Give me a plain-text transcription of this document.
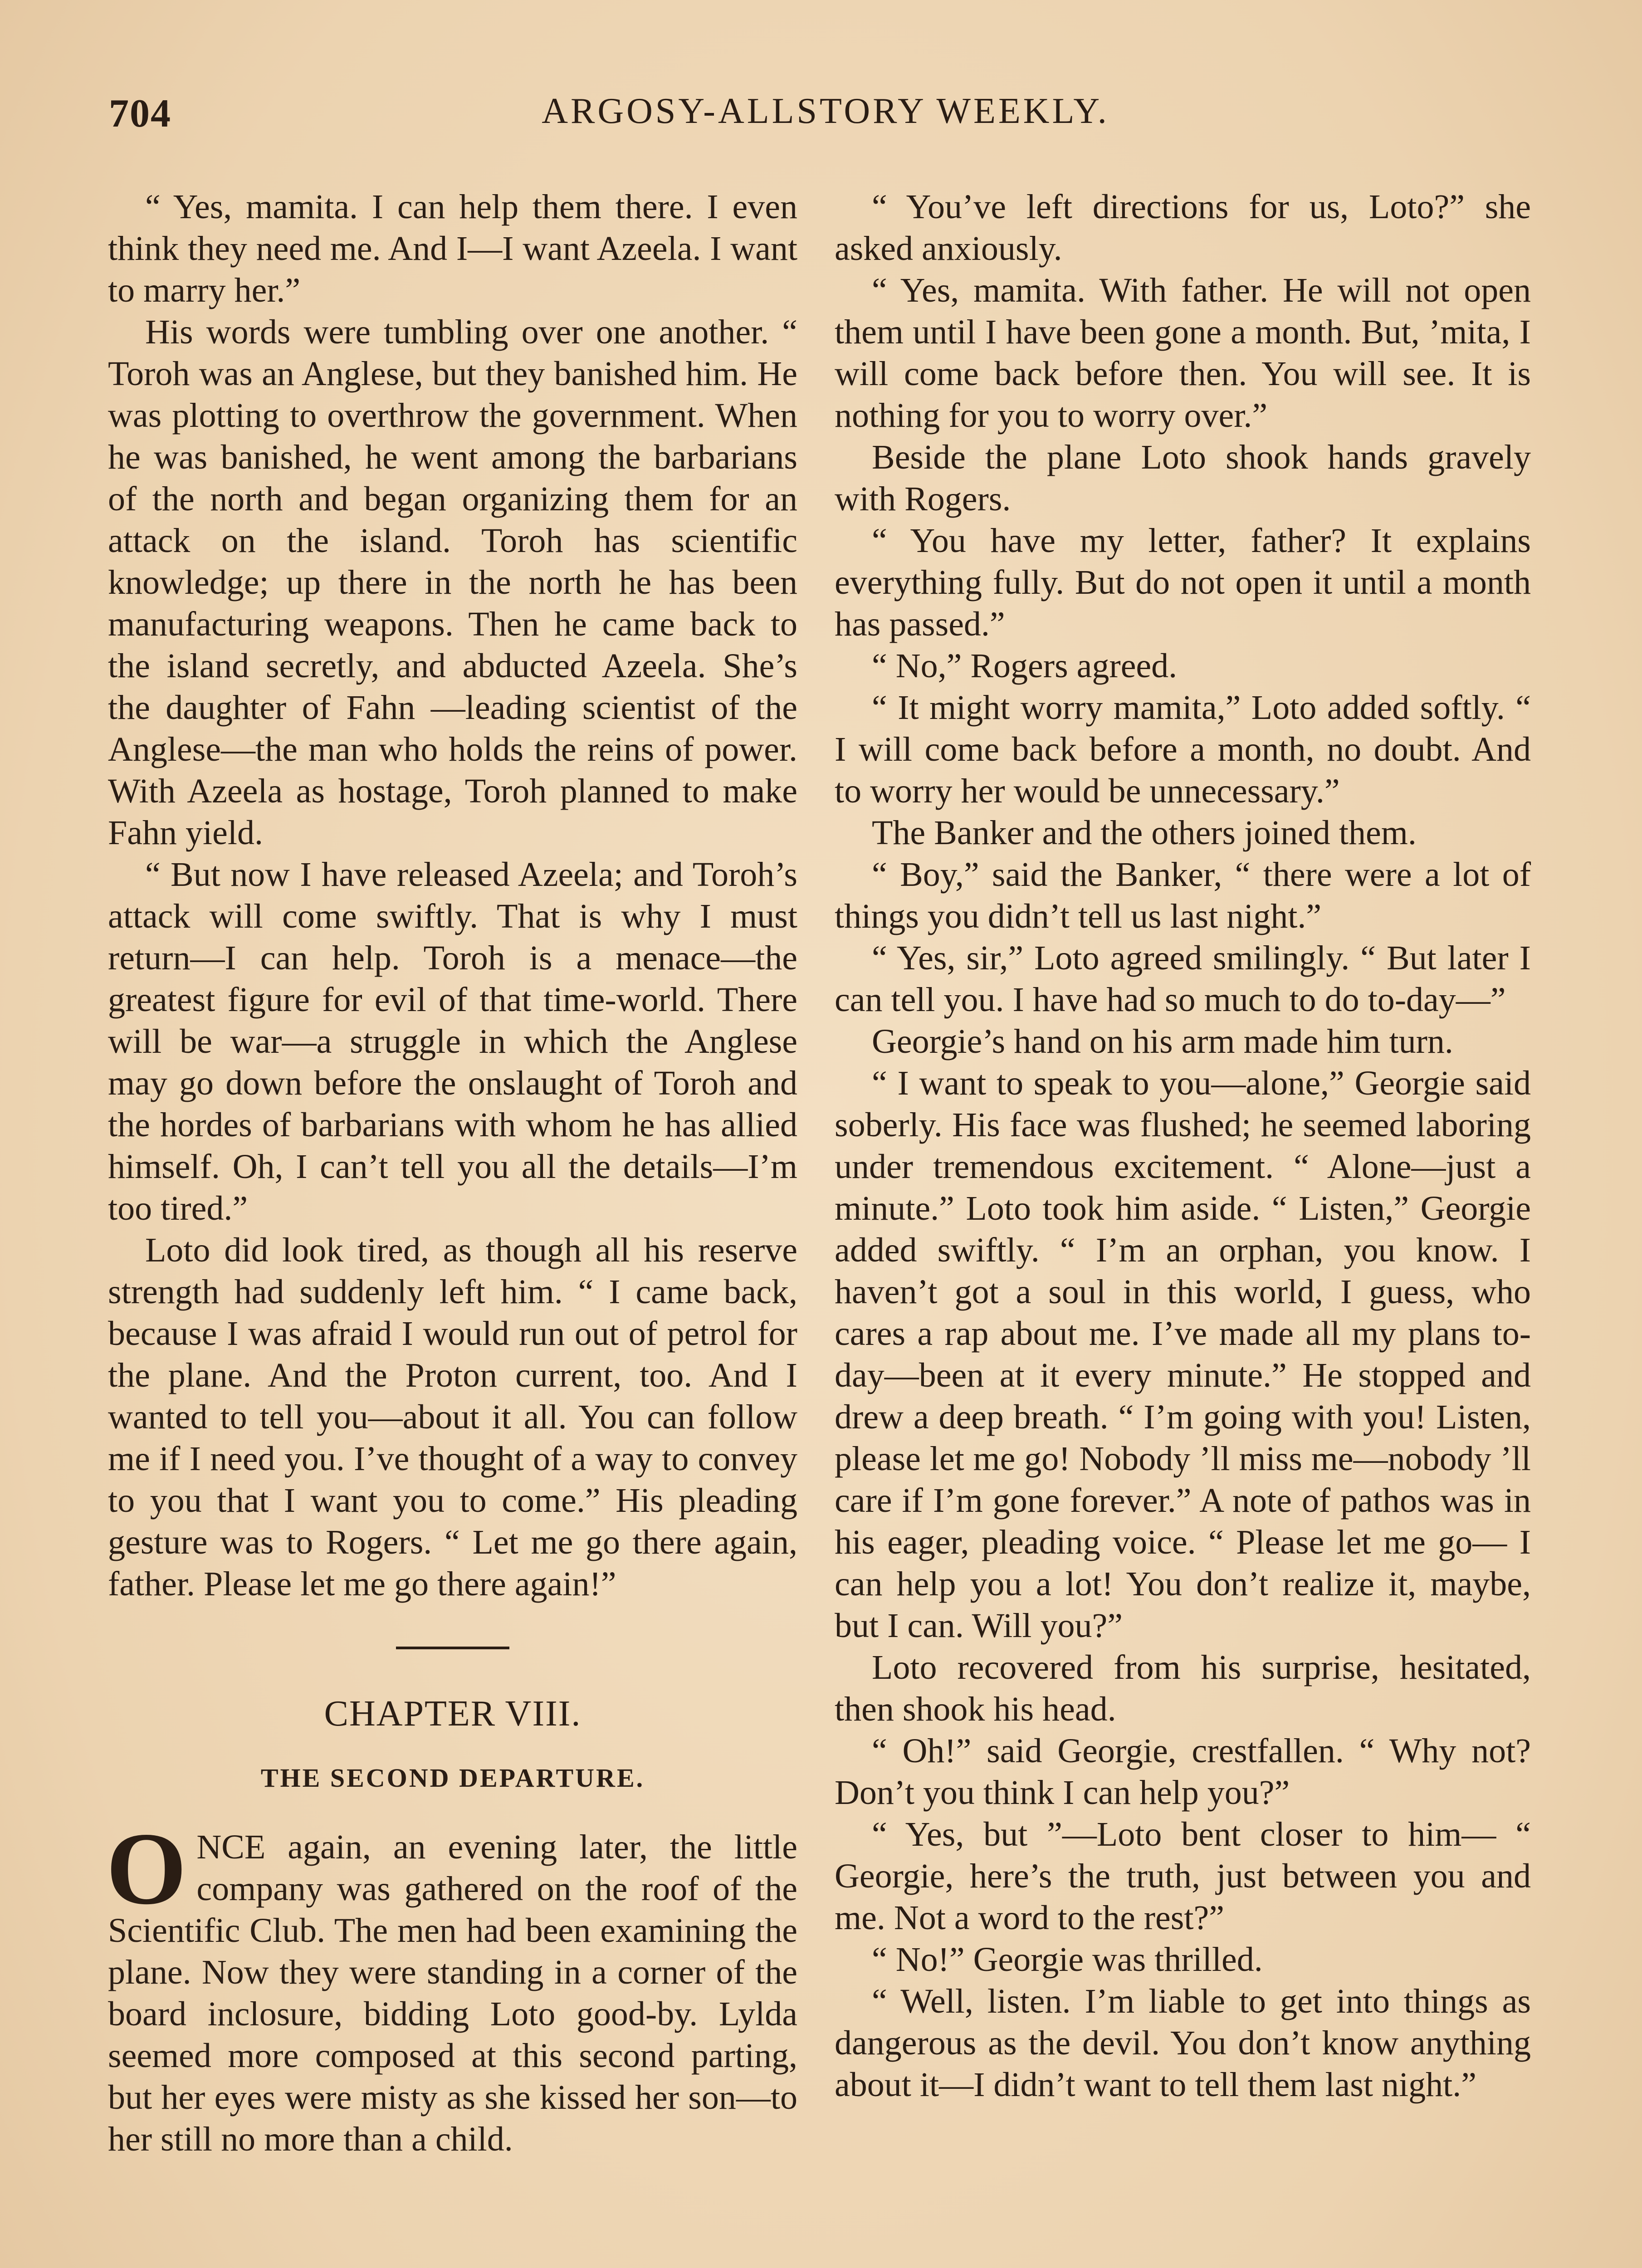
704	ARGOSY-ALLSTORY WEEKLY.

“ Yes, mamita. I can help them there. I even think they need me. And I—I want Azeela. I want to marry her.”

His words were tumbling over one another. “ Toroh was an Anglese, but they banished him. He was plotting to overthrow the government. When he was banished, he went among the barbarians of the north and began organizing them for an attack on the island. Toroh has scientific knowledge; up there in the north he has been manufacturing weapons. Then he came back to the island secretly, and abducted Azeela. She’s the daughter of Fahn —leading scientist of the Anglese—the man who holds the reins of power. With Azeela as hostage, Toroh planned to make Fahn yield.

“ But now I have released Azeela; and Toroh’s attack will come swiftly. That is why I must return—I can help. Toroh is a menace—the greatest figure for evil of that time-world. There will be war—a struggle in which the Anglese may go down before the onslaught of Toroh and the hordes of barbarians with whom he has allied himself. Oh, I can’t tell you all the details—I’m too tired.”

Loto did look tired, as though all his reserve strength had suddenly left him. “ I came back, because I was afraid I would run out of petrol for the plane. And the Proton current, too. And I wanted to tell you—about it all. You can follow me if I need you. I’ve thought of a way to convey to you that I want you to come.” His pleading gesture was to Rogers. “ Let me go there again, father. Please let me go there again!”

CHAPTER VIII.
THE SECOND DEPARTURE.
O NCE again, an evening later, the little company was gathered on the roof of the Scientific Club. The men had been examining the plane. Now they were standing in a corner of the board inclosure, bidding Loto good-by. Lylda seemed more composed at this second parting, but her eyes were misty as she kissed her son—to her still no more than a child.

“ You’ve left directions for us, Loto?” she asked anxiously.

“ Yes, mamita. With father. He will not open them until I have been gone a month. But, ’mita, I will come back before then. You will see. It is nothing for you to worry over.”

Beside the plane Loto shook hands gravely with Rogers.

“ You have my letter, father? It explains everything fully. But do not open it until a month has passed.”

“ No,” Rogers agreed.

“ It might worry mamita,” Loto added softly. “ I will come back before a month, no doubt. And to worry her would be unnecessary.”

The Banker and the others joined them.

“ Boy,” said the Banker, “ there were a lot of things you didn’t tell us last night.”

“ Yes, sir,” Loto agreed smilingly. “ But later I can tell you. I have had so much to do to-day—”

Georgie’s hand on his arm made him turn.

“ I want to speak to you—alone,” Georgie said soberly. His face was flushed; he seemed laboring under tremendous excitement. “ Alone—just a minute.” Loto took him aside. “ Listen,” Georgie added swiftly. “ I’m an orphan, you know. I haven’t got a soul in this world, I guess, who cares a rap about me. I’ve made all my plans to-day—been at it every minute.” He stopped and drew a deep breath. “ I’m going with you! Listen, please let me go! Nobody ’ll miss me—nobody ’ll care if I’m gone forever.” A note of pathos was in his eager, pleading voice. “ Please let me go— I can help you a lot! You don’t realize it, maybe, but I can. Will you?”

Loto recovered from his surprise, hesitated, then shook his head.

“ Oh!” said Georgie, crestfallen. “ Why not? Don’t you think I can help you?”

“ Yes, but ”—Loto bent closer to him— “ Georgie, here’s the truth, just between you and me. Not a word to the rest?”

“ No!” Georgie was thrilled.

“ Well, listen. I’m liable to get into things as dangerous as the devil. You don’t know anything about it—I didn’t want to tell them last night.”
